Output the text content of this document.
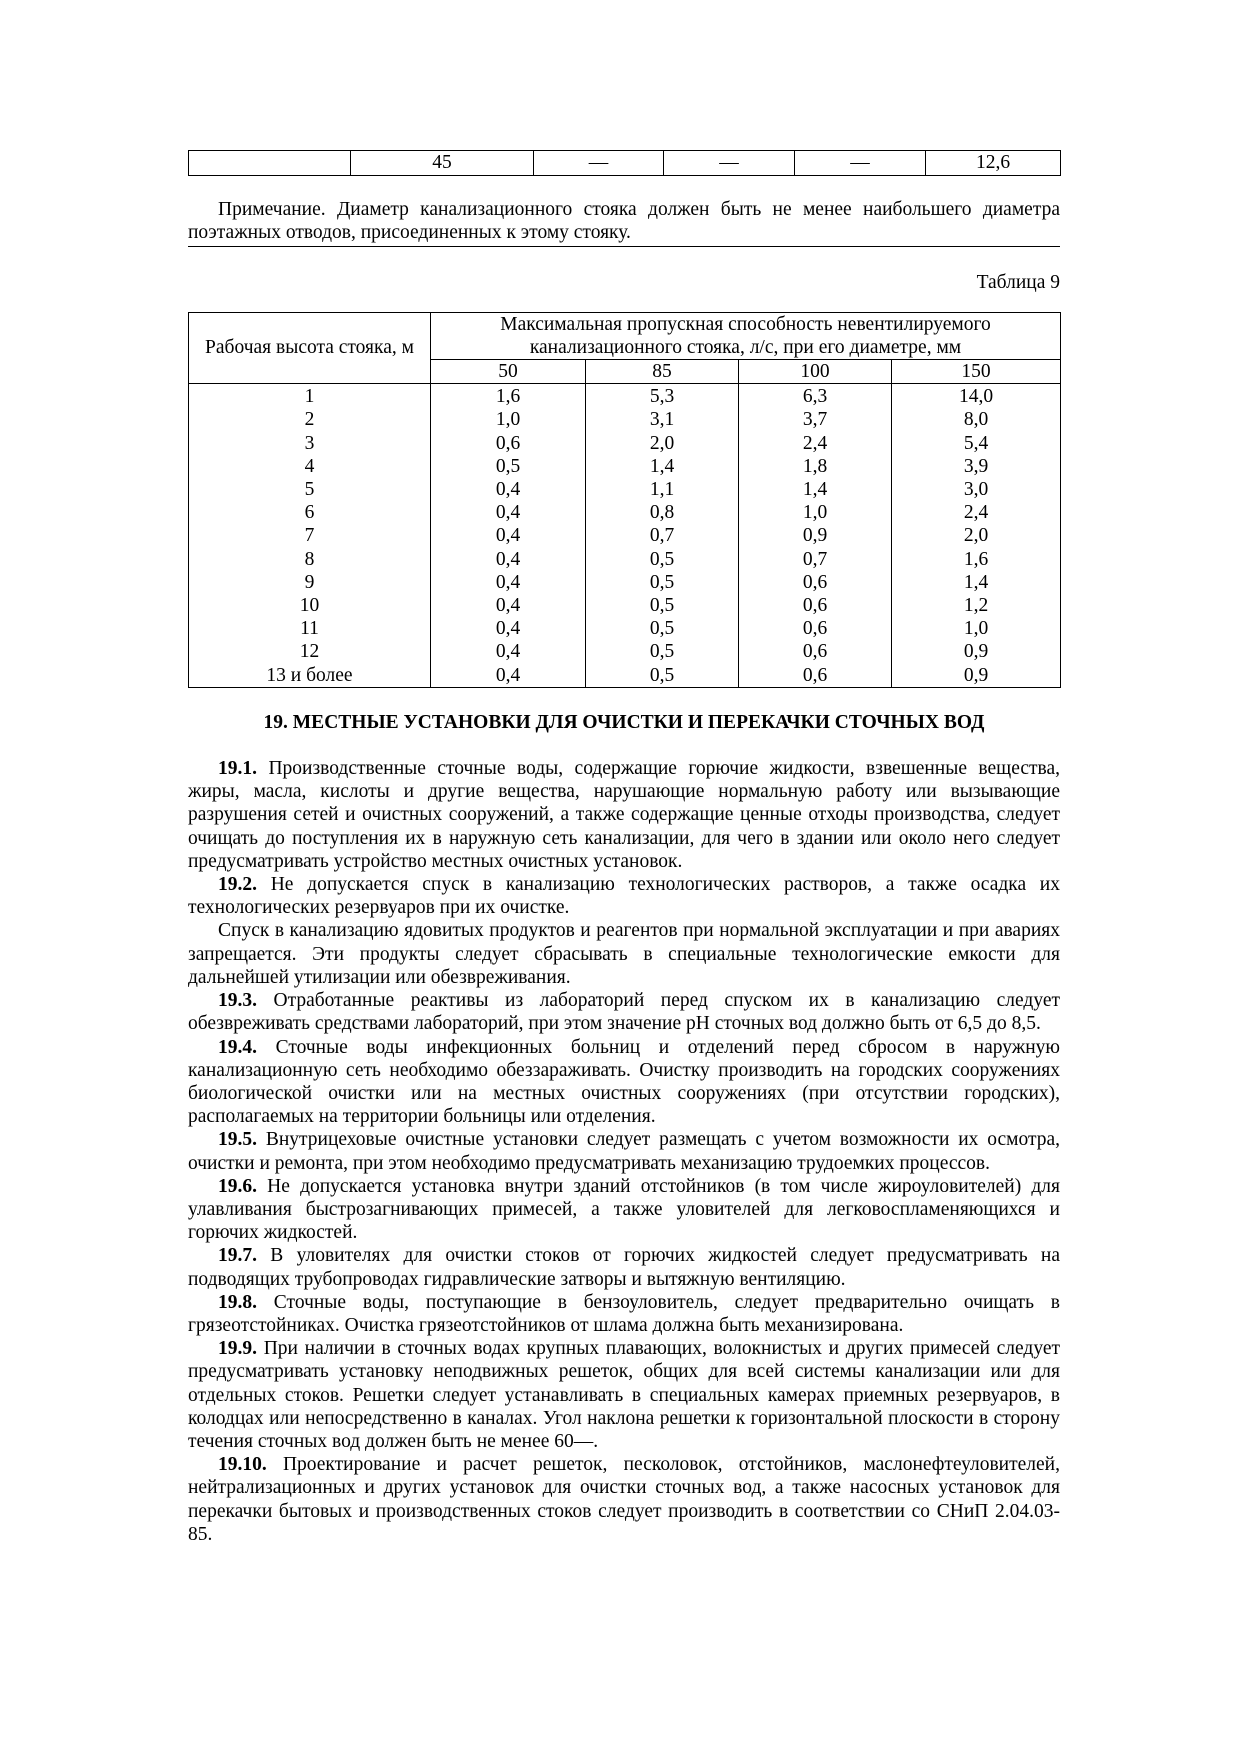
	45	—	—	—	12,6
Примечание. Диаметр канализационного стояка должен быть не менее наибольшего диаметра поэтажных отводов, присоединенных к этому стояку.
Таблица 9
Рабочая высота стояка, м	Максимальная пропускная способность невентилируемого канализационного стояка, л/с, при его диаметре, мм			
	50	85	100	150
1	1,6	5,3	6,3	14,0
2	1,0	3,1	3,7	8,0
3	0,6	2,0	2,4	5,4
4	0,5	1,4	1,8	3,9
5	0,4	1,1	1,4	3,0
6	0,4	0,8	1,0	2,4
7	0,4	0,7	0,9	2,0
8	0,4	0,5	0,7	1,6
9	0,4	0,5	0,6	1,4
10	0,4	0,5	0,6	1,2
11	0,4	0,5	0,6	1,0
12	0,4	0,5	0,6	0,9
13 и более	0,4	0,5	0,6	0,9
19. МЕСТНЫЕ УСТАНОВКИ ДЛЯ ОЧИСТКИ И ПЕРЕКАЧКИ СТОЧНЫХ ВОД

19.1. Производственные сточные воды, содержащие горючие жидкости, взвешенные вещества, жиры, масла, кислоты и другие вещества, нарушающие нормальную работу или вызывающие разрушения сетей и очистных сооружений, а также содержащие ценные отходы производства, следует очищать до поступления их в наружную сеть канализации, для чего в здании или около него следует предусматривать устройство местных очистных установок.

19.2. Не допускается спуск в канализацию технологических растворов, а также осадка их технологических резервуаров при их очистке.

Спуск в канализацию ядовитых продуктов и реагентов при нормальной эксплуатации и при авариях запрещается. Эти продукты следует сбрасывать в специальные технологические емкости для дальнейшей утилизации или обезвреживания.

19.3. Отработанные реактивы из лабораторий перед спуском их в канализацию следует обезвреживать средствами лабораторий, при этом значение pH сточных вод должно быть от 6,5 до 8,5.

19.4. Сточные воды инфекционных больниц и отделений перед сбросом в наружную канализационную сеть необходимо обеззараживать. Очистку производить на городских сооружениях биологической очистки или на местных очистных сооружениях (при отсутствии городских), располагаемых на территории больницы или отделения.

19.5. Внутрицеховые очистные установки следует размещать с учетом возможности их осмотра, очистки и ремонта, при этом необходимо предусматривать механизацию трудоемких процессов.

19.6. Не допускается установка внутри зданий отстойников (в том числе жироуловителей) для улавливания быстрозагнивающих примесей, а также уловителей для легковоспламеняющихся и горючих жидкостей.

19.7. В уловителях для очистки стоков от горючих жидкостей следует предусматривать на подводящих трубопроводах гидравлические затворы и вытяжную вентиляцию.

19.8. Сточные воды, поступающие в бензоуловитель, следует предварительно очищать в грязеотстойниках. Очистка грязеотстойников от шлама должна быть механизирована.

19.9. При наличии в сточных водах крупных плавающих, волокнистых и других примесей следует предусматривать установку неподвижных решеток, общих для всей системы канализации или для отдельных стоков. Решетки следует устанавливать в специальных камерах приемных резервуаров, в колодцах или непосредственно в каналах. Угол наклона решетки к горизонтальной плоскости в сторону течения сточных вод должен быть не менее 60—.

19.10. Проектирование и расчет решеток, песколовок, отстойников, маслонефтеуловителей, нейтрализационных и других установок для очистки сточных вод, а также насосных установок для перекачки бытовых и производственных стоков следует производить в соответствии со СНиП 2.04.03-85.
